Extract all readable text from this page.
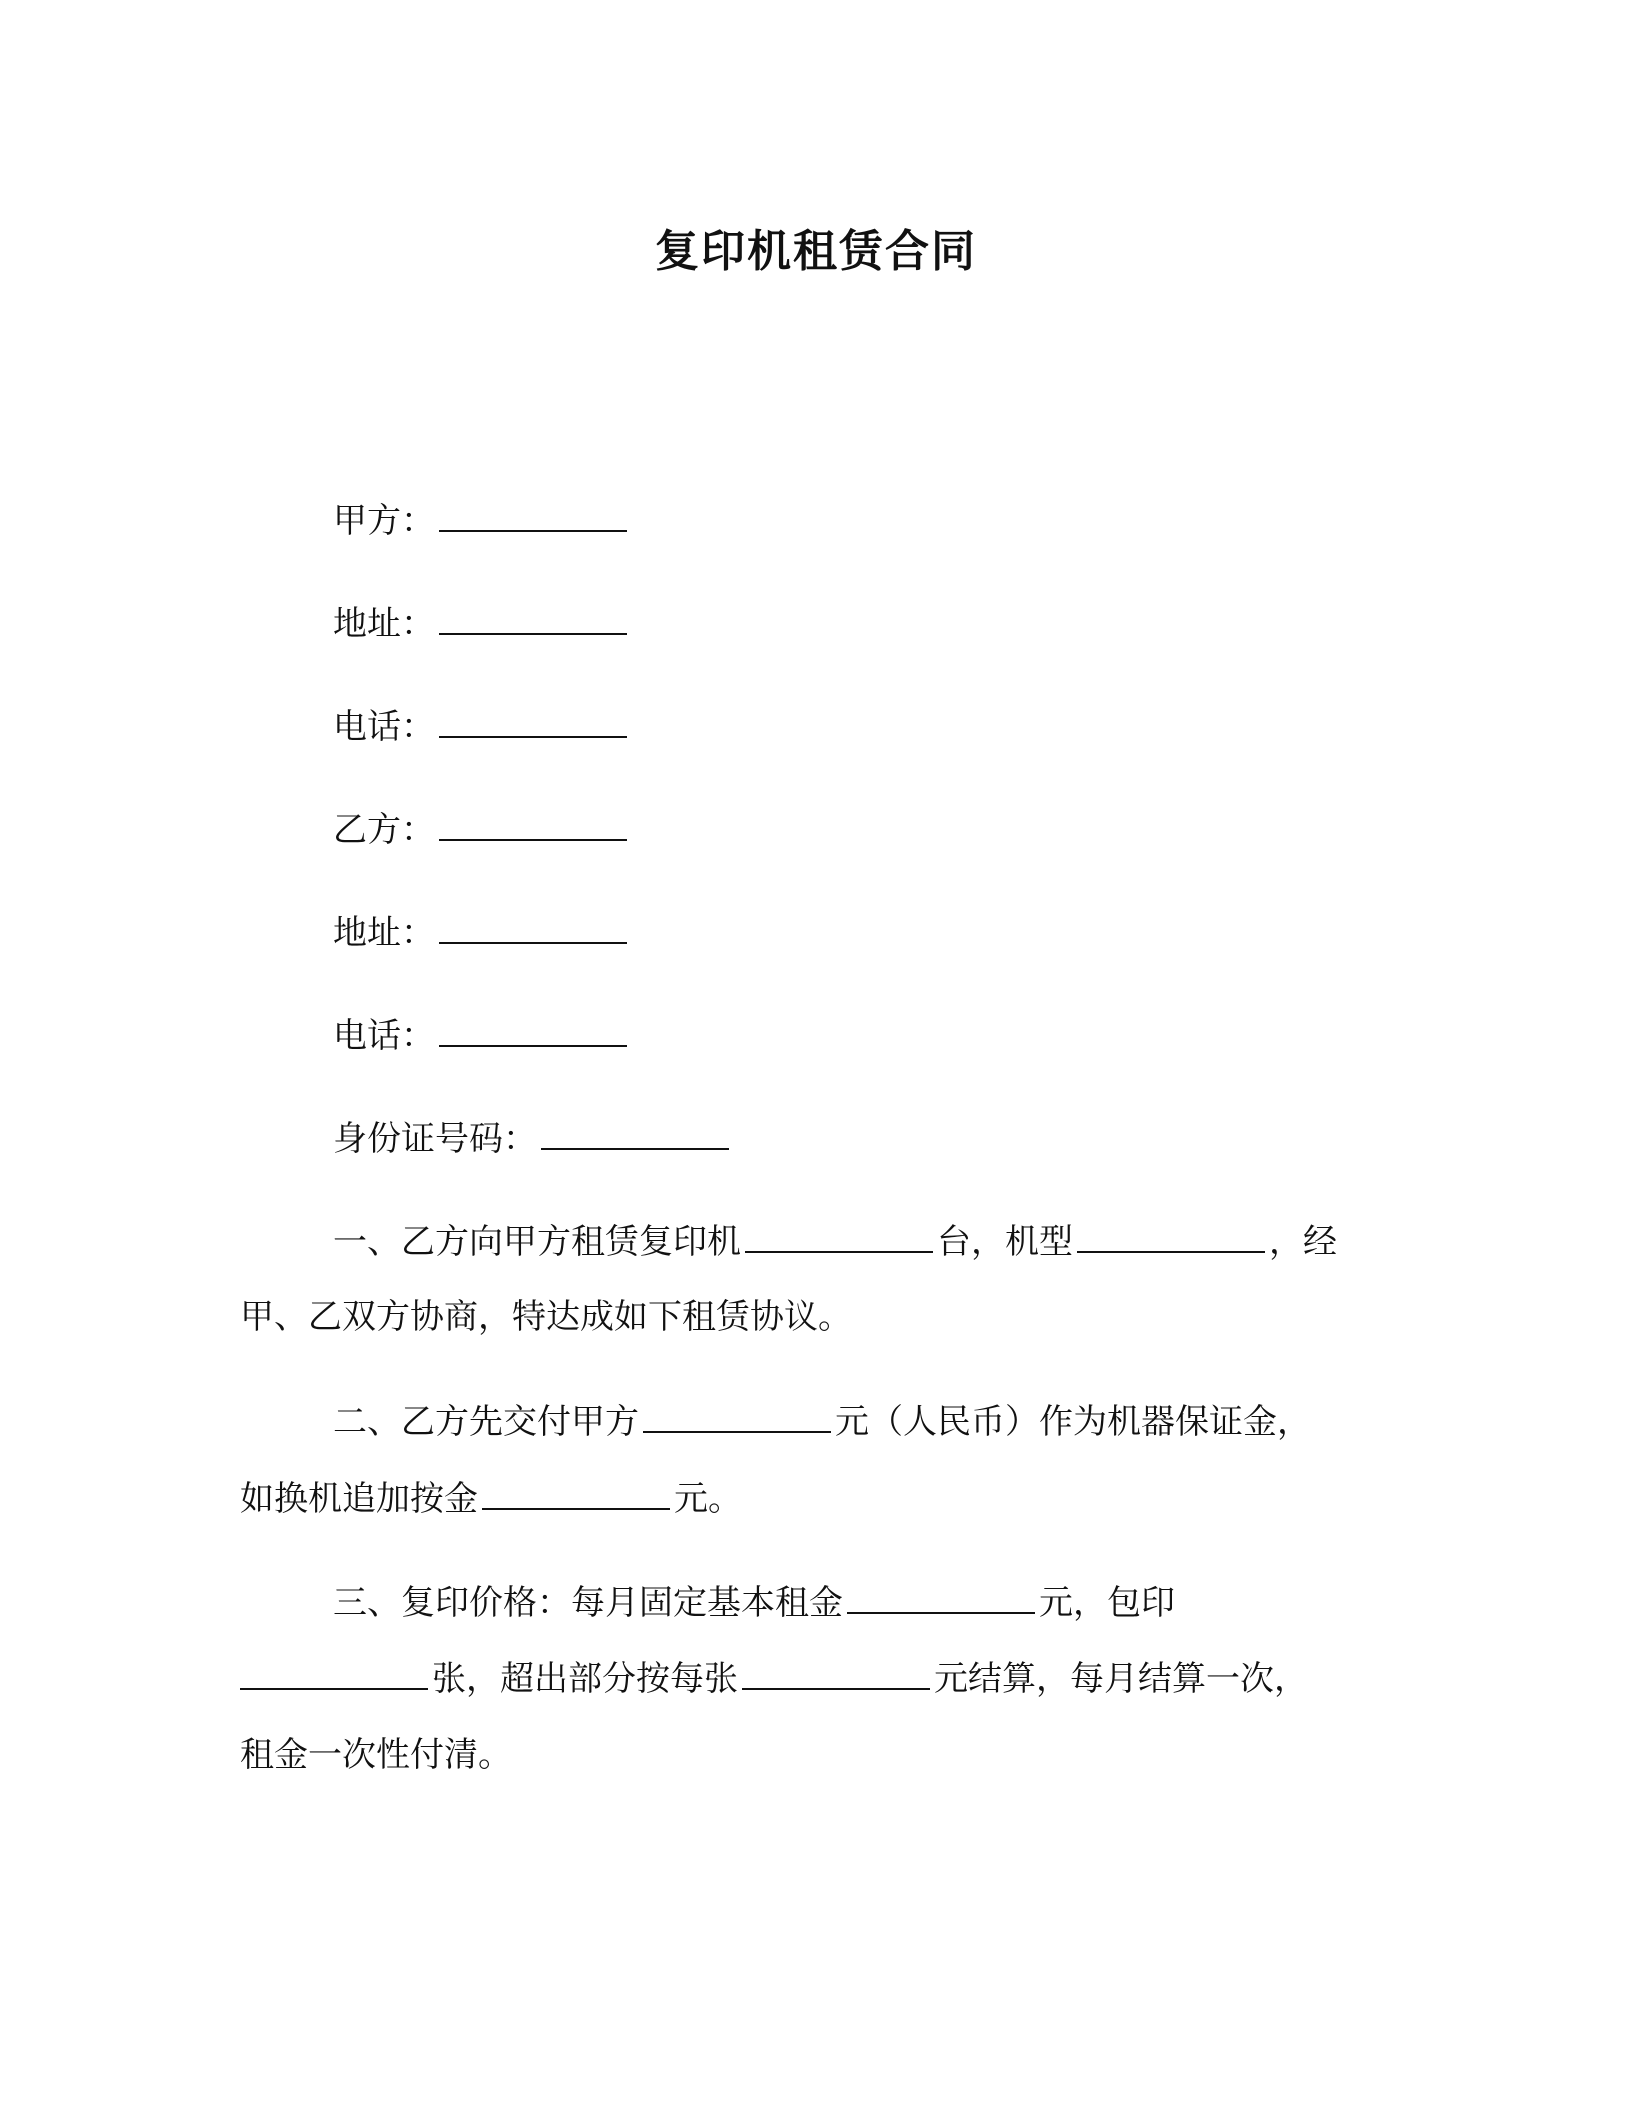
复印机租赁合同
甲方：
地址：
电话：
乙方：
地址：
电话：
身份证号码：
一、乙方向甲方租赁复印机	台，机型	，经
甲、乙双方协商，特达成如下租赁协议。
二、乙方先交付甲方	元（人民币）作为机器保证金，
如换机追加按金	元。
三、复印价格：每月固定基本租金	元，包印
张，超出部分按每张	元结算，每月结算一次，
租金一次性付清。
